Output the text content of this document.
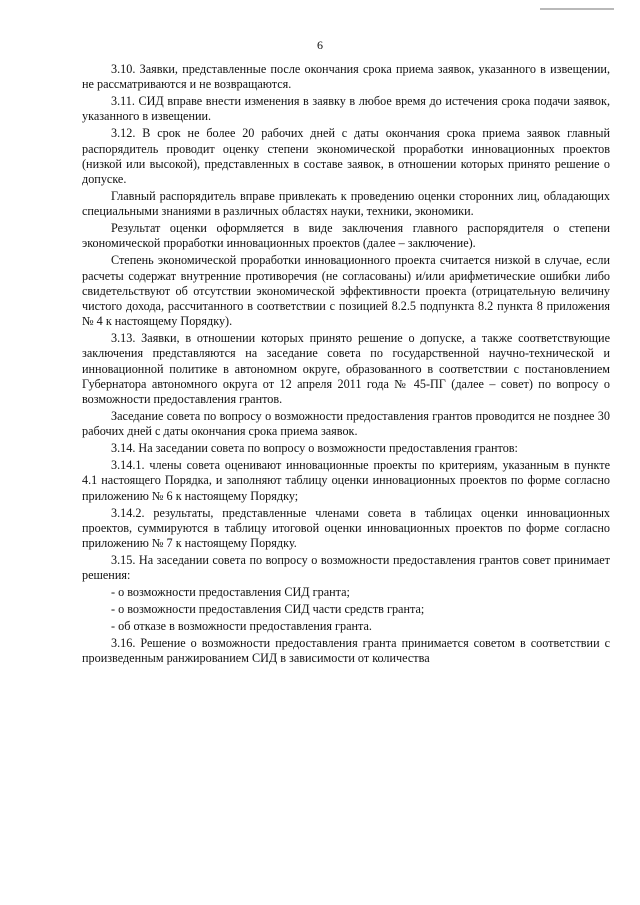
6

3.10. Заявки, представленные после окончания срока приема заявок, указанного в извещении, не рассматриваются и не возвращаются.

3.11. СИД вправе внести изменения в заявку в любое время до истечения срока подачи заявок, указанного в извещении.

3.12. В срок не более 20 рабочих дней с даты окончания срока приема заявок главный распорядитель проводит оценку степени экономической проработки инновационных проектов (низкой или высокой), представленных в составе заявок, в отношении которых принято решение о допуске.

Главный распорядитель вправе привлекать к проведению оценки сторонних лиц, обладающих специальными знаниями в различных областях науки, техники, экономики.

Результат оценки оформляется в виде заключения главного распорядителя о степени экономической проработки инновационных проектов (далее – заключение).

Степень экономической проработки инновационного проекта считается низкой в случае, если расчеты содержат внутренние противоречия (не согласованы) и/или арифметические ошибки либо свидетельствуют об отсутствии экономической эффективности проекта (отрицательную величину чистого дохода, рассчитанного в соответствии с позицией 8.2.5 подпункта 8.2 пункта 8 приложения № 4 к настоящему Порядку).

3.13. Заявки, в отношении которых принято решение о допуске, а также соответствующие заключения представляются на заседание совета по государственной научно-технической и инновационной политике в автономном округе, образованного в соответствии с постановлением Губернатора автономного округа от 12 апреля 2011 года № 45-ПГ (далее – совет) по вопросу о возможности предоставления грантов.

Заседание совета по вопросу о возможности предоставления грантов проводится не позднее 30 рабочих дней с даты окончания срока приема заявок.

3.14. На заседании совета по вопросу о возможности предоставления грантов:

3.14.1. члены совета оценивают инновационные проекты по критериям, указанным в пункте 4.1 настоящего Порядка, и заполняют таблицу оценки инновационных проектов по форме согласно приложению № 6 к настоящему Порядку;

3.14.2. результаты, представленные членами совета в таблицах оценки инновационных проектов, суммируются в таблицу итоговой оценки инновационных проектов по форме согласно приложению № 7 к настоящему Порядку.

3.15. На заседании совета по вопросу о возможности предоставления грантов совет принимает решения:

- о возможности предоставления СИД гранта;

- о возможности предоставления СИД части средств гранта;

- об отказе в возможности предоставления гранта.

3.16. Решение о возможности предоставления гранта принимается советом в соответствии с произведенным ранжированием СИД в зависимости от количества
